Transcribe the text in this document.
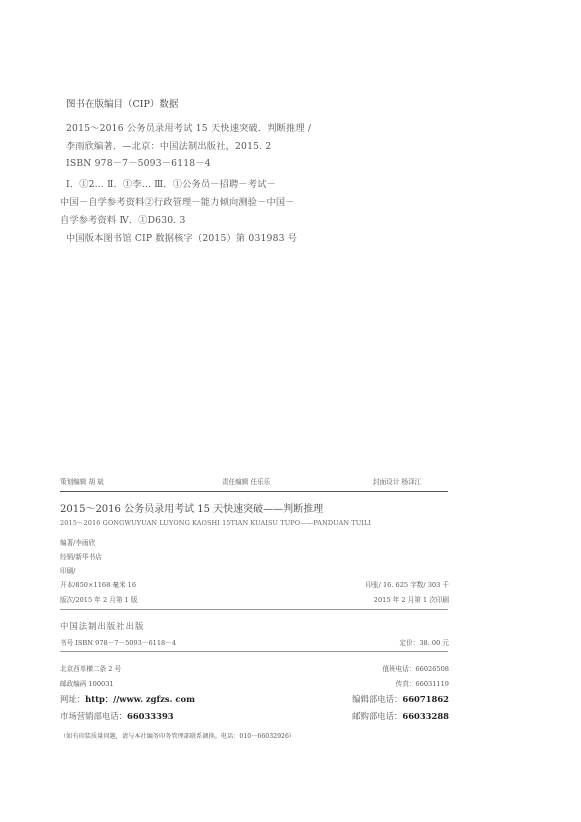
图书在版编目（CIP）数据
2015～2016 公务员录用考试 15 天快速突破．判断推理 /
李雨欣编著．—北京：中国法制出版社，2015. 2
ISBN 978－7－5093－6118－4
Ⅰ．①2… Ⅱ．①李… Ⅲ．①公务员－招聘－考试－
中国－自学参考资料②行政管理－能力倾向测验－中国－
自学参考资料 Ⅳ．①D630. 3
中国版本图书馆 CIP 数据核字（2015）第 031983 号
策划编辑 胡 斌	责任编辑 任乐乐	封面设计 杨泽江
2015～2016 公务员录用考试 15 天快速突破——判断推理
2015～2016 GONGWUYUAN LUYONG KAOSHI 15TIAN KUAISU TUPO——PANDUAN TUILI
编著/李雨欣
经销/新华书店
印刷/
开本/850×1168 毫米 16	印张/ 16. 625 字数/ 303 千
版次/2015 年 2 月第 1 版	2015 年 2 月第 1 次印刷
中国法制出版社出版
书号 ISBN 978－7－5093－6118－4	定价：38. 00 元
北京西单横二条 2 号	值班电话：66026508
邮政编码 100031	传真：66031119
网址：http：//www. zgfzs. com	编辑部电话：66071862
市场营销部电话：66033393	邮购部电话：66033288
（如有印装质量问题，请与本社编务印务管理部联系调换。电话：010－66032926）
